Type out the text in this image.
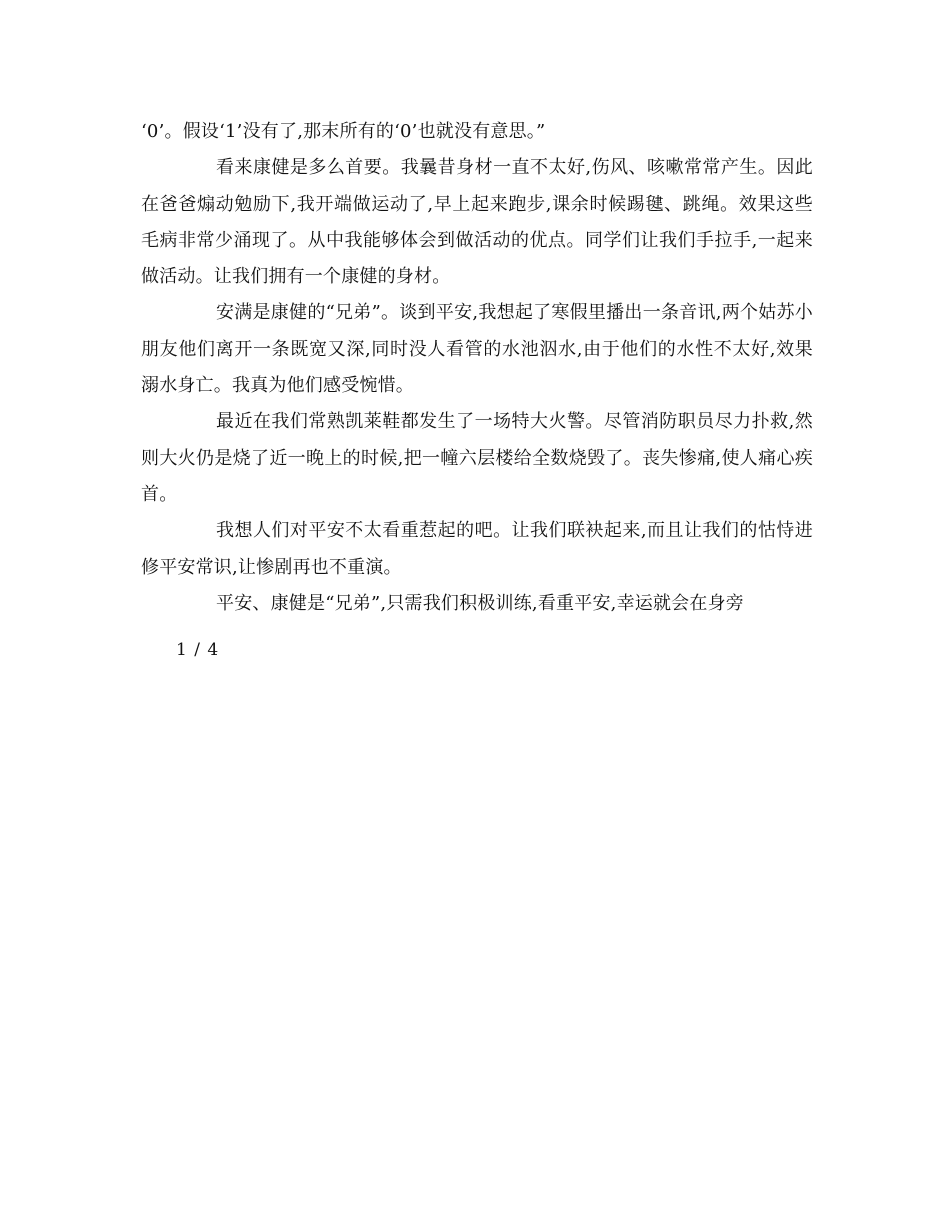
‘0’。假设‘1’没有了,那末所有的‘0’也就没有意思。”

看来康健是多么首要。我曩昔身材一直不太好,伤风、咳嗽常常产生。因此在爸爸煽动勉励下,我开端做运动了,早上起来跑步,课余时候踢毽、跳绳。效果这些毛病非常少涌现了。从中我能够体会到做活动的优点。同学们让我们手拉手,一起来做活动。让我们拥有一个康健的身材。

安满是康健的“兄弟”。谈到平安,我想起了寒假里播出一条音讯,两个姑苏小朋友他们离开一条既宽又深,同时没人看管的水池泅水,由于他们的水性不太好,效果溺水身亡。我真为他们感受惋惜。

最近在我们常熟凯莱鞋都发生了一场特大火警。尽管消防职员尽力扑救,然则大火仍是烧了近一晚上的时候,把一幢六层楼给全数烧毁了。丧失惨痛,使人痛心疾首。

我想人们对平安不太看重惹起的吧。让我们联袂起来,而且让我们的怙恃进修平安常识,让惨剧再也不重演。

平安、康健是“兄弟”,只需我们积极训练,看重平安,幸运就会在身旁

1 / 4
